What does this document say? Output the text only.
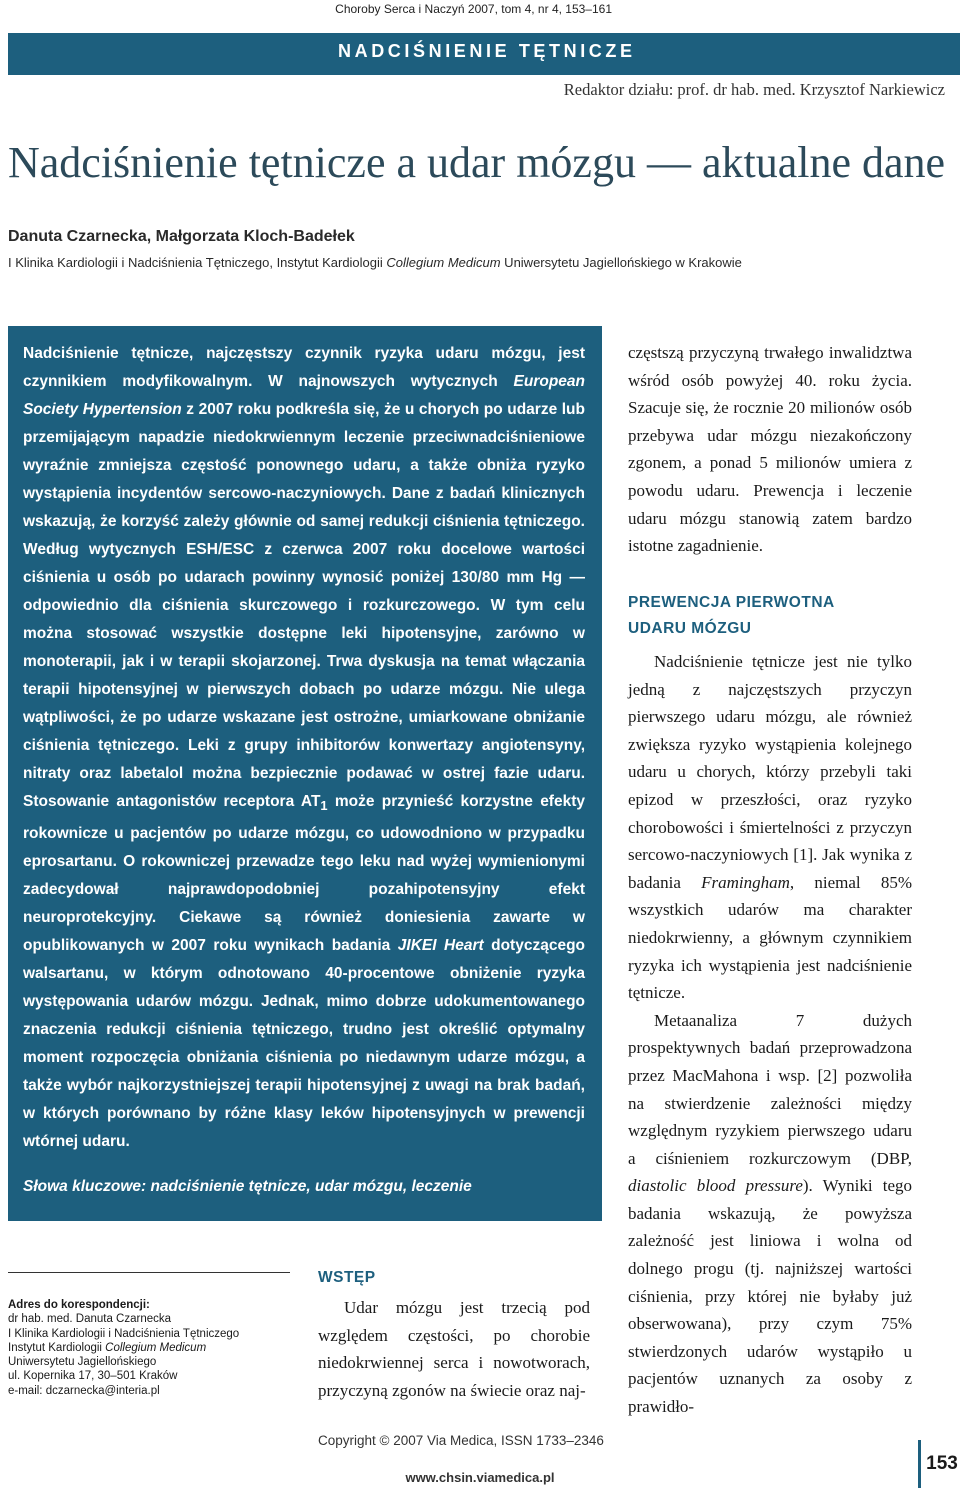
Choroby Serca i Naczyń 2007, tom 4, nr 4, 153–161
NADCIŚNIENIE TĘTNICZE
Redaktor działu: prof. dr hab. med. Krzysztof Narkiewicz
Nadciśnienie tętnicze a udar mózgu — aktualne dane
Danuta Czarnecka, Małgorzata Kloch-Badełek
I Klinika Kardiologii i Nadciśnienia Tętniczego, Instytut Kardiologii Collegium Medicum Uniwersytetu Jagiellońskiego w Krakowie
Nadciśnienie tętnicze, najczęstszy czynnik ryzyka udaru mózgu, jest czynnikiem modyfikowalnym. W najnowszych wytycznych European Society Hypertension z 2007 roku podkreśla się, że u chorych po udarze lub przemijającym napadzie niedokrwiennym leczenie przeciwnadciśnieniowe wyraźnie zmniejsza częstość ponownego udaru, a także obniża ryzyko wystąpienia incydentów sercowo-naczyniowych. Dane z badań klinicznych wskazują, że korzyść zależy głównie od samej redukcji ciśnienia tętniczego. Według wytycznych ESH/ESC z czerwca 2007 roku docelowe wartości ciśnienia u osób po udarach powinny wynosić poniżej 130/80 mm Hg — odpowiednio dla ciśnienia skurczowego i rozkurczowego. W tym celu można stosować wszystkie dostępne leki hipotensyjne, zarówno w monoterapii, jak i w terapii skojarzonej. Trwa dyskusja na temat włączania terapii hipotensyjnej w pierwszych dobach po udarze mózgu. Nie ulega wątpliwości, że po udarze wskazane jest ostrożne, umiarkowane obniżanie ciśnienia tętniczego. Leki z grupy inhibitorów konwertazy angiotensyny, nitraty oraz labetalol można bezpiecznie podawać w ostrej fazie udaru. Stosowanie antagonistów receptora $AT_1$ może przynieść korzystne efekty rokownicze u pacjentów po udarze mózgu, co udowodniono w przypadku eprosartanu. O rokowniczej przewadze tego leku nad wyżej wymienionymi zadecydował najprawdopodobniej pozahipotensyjny efekt neuroprotekcyjny. Ciekawe są również doniesienia zawarte w opublikowanych w 2007 roku wynikach badania JIKEI Heart dotyczącego walsartanu, w którym odnotowano 40-procentowe obniżenie ryzyka występowania udarów mózgu. Jednak, mimo dobrze udokumentowanego znaczenia redukcji ciśnienia tętniczego, trudno jest określić optymalny moment rozpoczęcia obniżania ciśnienia po niedawnym udarze mózgu, a także wybór najkorzystniejszej terapii hipotensyjnej z uwagi na brak badań, w których porównano by różne klasy leków hipotensyjnych w prewencji wtórnej udaru.
Słowa kluczowe: nadciśnienie tętnicze, udar mózgu, leczenie
Adres do korespondencji:
dr hab. med. Danuta Czarnecka
I Klinika Kardiologii i Nadciśnienia Tętniczego
Instytut Kardiologii Collegium Medicum
Uniwersytetu Jagiellońskiego
ul. Kopernika 17, 30–501 Kraków
e-mail: dczarnecka@interia.pl
WSTĘP

Udar mózgu jest trzecią pod względem częstości, po chorobie niedokrwiennej serca i nowotworach, przyczyną zgonów na świecie oraz naj-

częstszą przyczyną trwałego inwalidztwa wśród osób powyżej 40. roku życia. Szacuje się, że rocznie 20 milionów osób przebywa udar mózgu niezakończony zgonem, a ponad 5 milionów umiera z powodu udaru. Prewencja i leczenie udaru mózgu stanowią zatem bardzo istotne zagadnienie.

PREWENCJA PIERWOTNA
UDARU MÓZGU

Nadciśnienie tętnicze jest nie tylko jedną z najczęstszych przyczyn pierwszego udaru mózgu, ale również zwiększa ryzyko wystąpienia kolejnego udaru u chorych, którzy przebyli taki epizod w przeszłości, oraz ryzyko chorobowości i śmiertelności z przyczyn sercowo-naczyniowych [1]. Jak wynika z badania Framingham, niemal 85% wszystkich udarów ma charakter niedokrwienny, a głównym czynnikiem ryzyka ich wystąpienia jest nadciśnienie tętnicze.

Metaanaliza 7 dużych prospektywnych badań przeprowadzona przez MacMahona i wsp. [2] pozwoliła na stwierdzenie zależności między względnym ryzykiem pierwszego udaru a ciśnieniem rozkurczowym (DBP, diastolic blood pressure). Wyniki tego badania wskazują, że powyższa zależność jest liniowa i wolna od dolnego progu (tj. najniższej wartości ciśnienia, przy której nie byłaby już obserwowana), przy czym 75% stwierdzonych udarów wystąpiło u pacjentów uznanych za osoby z prawidło-

Copyright © 2007 Via Medica, ISSN 1733–2346
www.chsin.viamedica.pl
153
